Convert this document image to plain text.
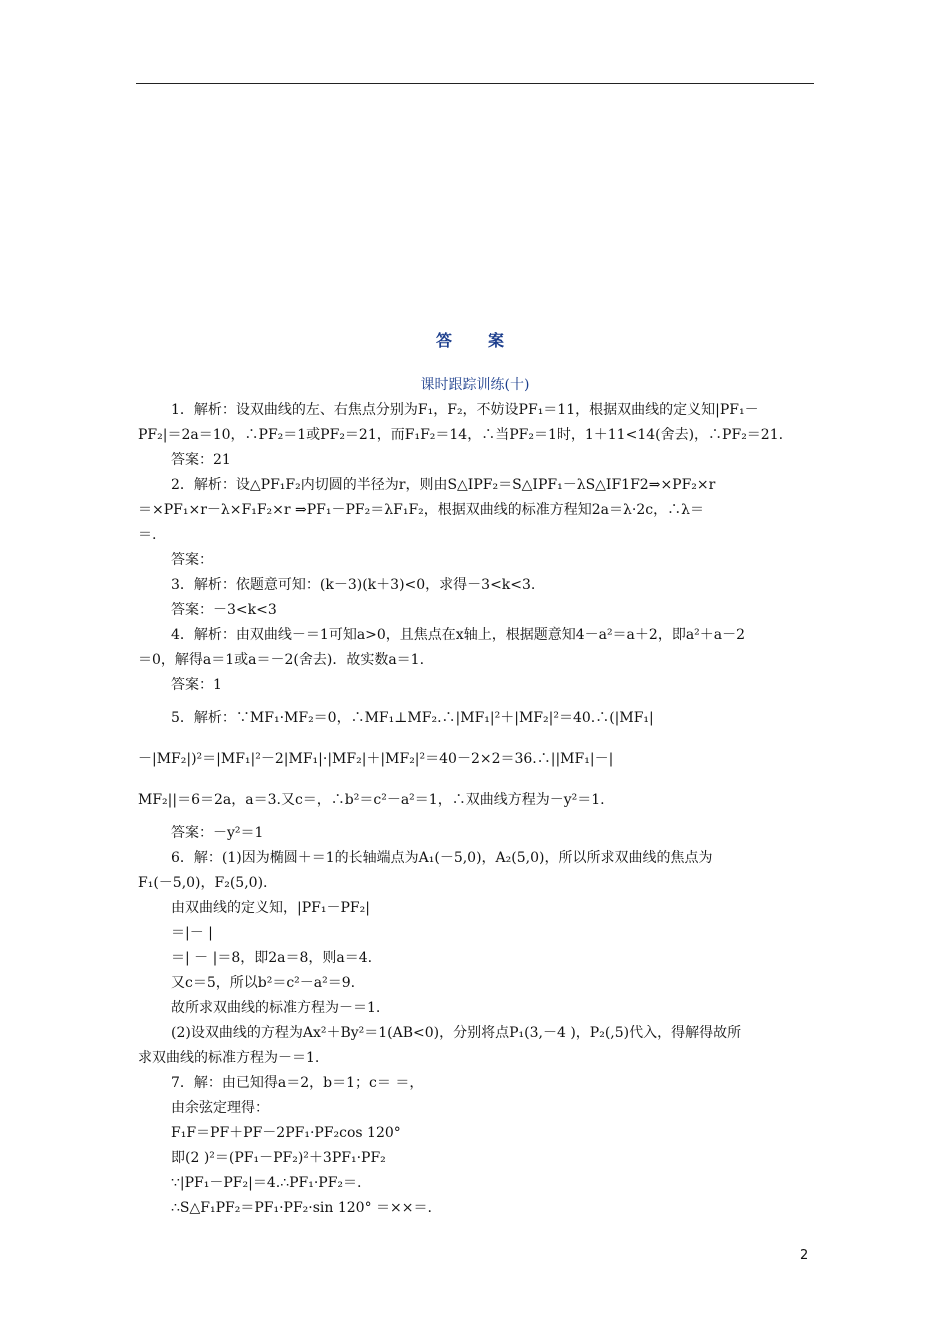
答　案
课时跟踪训练(十)
1．解析：设双曲线的左、右焦点分别为F₁，F₂，不妨设PF₁＝11，根据双曲线的定义知|PF₁－
PF₂|＝2a＝10，∴PF₂＝1或PF₂＝21，而F₁F₂＝14，∴当PF₂＝1时，1＋11<14(舍去)，∴PF₂＝21.
答案：21
2．解析：设△PF₁F₂内切圆的半径为r，则由S△IPF₂＝S△IPF₁－λS△IF1F2⇒×PF₂×r
＝×PF₁×r－λ×F₁F₂×r ⇒PF₁－PF₂＝λF₁F₂，根据双曲线的标准方程知2a＝λ·2c，∴λ＝
＝.
答案：
3．解析：依题意可知：(k－3)(k＋3)<0，求得－3<k<3.
答案：－3<k<3
4．解析：由双曲线－＝1可知a>0，且焦点在x轴上，根据题意知4－a²＝a＋2，即a²＋a－2
＝0，解得a＝1或a＝－2(舍去)．故实数a＝1.
答案：1
5．解析：∵MF₁·MF₂＝0，∴MF₁⊥MF₂.∴|MF₁|²＋|MF₂|²＝40.∴(|MF₁|
－|MF₂|)²＝|MF₁|²－2|MF₁|·|MF₂|＋|MF₂|²＝40－2×2＝36.∴||MF₁|－|
MF₂||＝6＝2a，a＝3.又c＝，∴b²＝c²－a²＝1，∴双曲线方程为－y²＝1.
答案：－y²＝1
6．解：(1)因为椭圆＋＝1的长轴端点为A₁(－5,0)，A₂(5,0)，所以所求双曲线的焦点为
F₁(－5,0)，F₂(5,0).
由双曲线的定义知，|PF₁－PF₂|
＝|－ |
＝| － |＝8，即2a＝8，则a＝4.
又c＝5，所以b²＝c²－a²＝9.
故所求双曲线的标准方程为－＝1.
(2)设双曲线的方程为Ax²＋By²＝1(AB<0)，分别将点P₁(3,－4 )，P₂(,5)代入，得解得故所
求双曲线的标准方程为－＝1.
7．解：由已知得a＝2，b＝1；c＝ ＝，
由余弦定理得：
F₁F＝PF＋PF－2PF₁·PF₂cos 120°
即(2 )²＝(PF₁－PF₂)²＋3PF₁·PF₂
∵|PF₁－PF₂|＝4.∴PF₁·PF₂＝.
∴S△F₁PF₂＝PF₁·PF₂·sin 120° ＝××＝.
2
